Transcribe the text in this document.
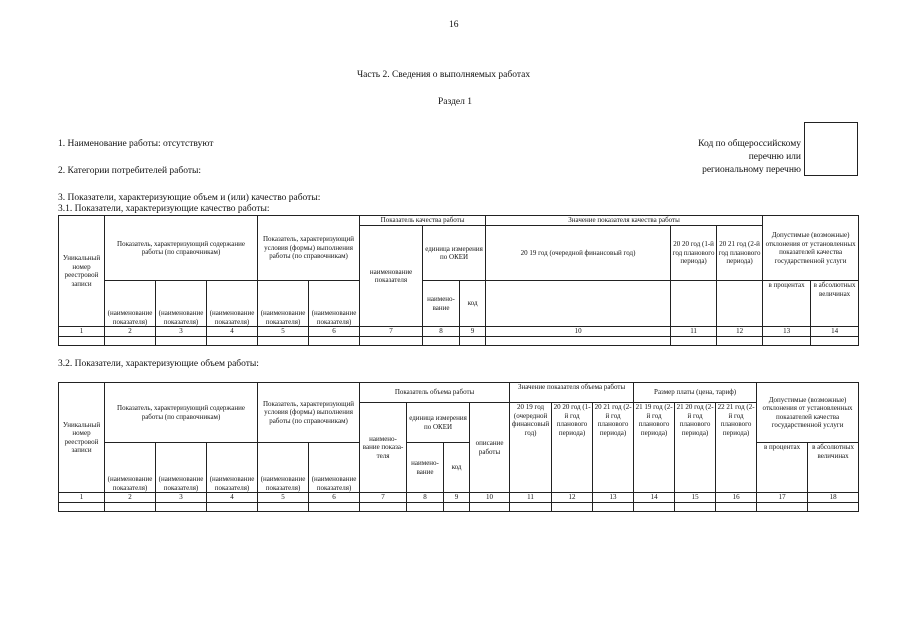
16
Часть 2. Сведения о выполняемых работах
Раздел 1
1. Наименование работы: отсутствуют
2. Категории потребителей работы:
3. Показатели, характеризующие объем и (или) качество работы:
3.1. Показатели, характеризующие качество работы:
3.2. Показатели, характеризующие объем работы:
Код по общероссийскому
перечню или
региональному перечню
Уникальный номер реестровой записи	Показатель, характеризующий содержание работы (по справочникам)			Показатель, характеризующий условия (формы) выполнения работы (по справочникам)		Показатель качества работы			Значение показателя качества работы			Допустимые (возможные) отклонения от установленных показателей качества государственной услуги	
						наименование показателя	единица измерения по ОКЕИ		20 19 год (очередной финансовый год)	20 20 год (1-й год планового периода)	20 21 год (2-й год планового периода)		
	(наименование показателя)	(наименование показателя)	(наименование показателя)	(наименование показателя)	(наименование показателя)		наимено-вание	код				в процентах	в абсолютных величинах
1	2	3	4	5	6	7	8	9	10	11	12	13	14

Уникальный номер реестровой записи	Показатель, характеризующий содержание работы (по справочникам)			Показатель, характеризующий условия (формы) выполнения работы (по справочникам)		Показатель объема работы				Значение показателя объема работы			Размер платы (цена, тариф)			Допустимые (возможные) отклонения от установленных показателей качества государственной услуги	
						наимено-вание показа-теля	единица измерения по ОКЕИ		описание работы	20 19 год (очередной финансовый год)	20 20 год (1-й год планового периода)	20 21 год (2-й год планового периода)	21 19 год (2-й год планового периода)	21 20 год (2-й год планового периода)	22 21 год (2-й год планового периода)		
	(наименование показателя)	(наименование показателя)	(наименование показателя)	(наименование показателя)	(наименование показателя)		наимено-вание	код								в процентах	в абсолютных величинах
1	2	3	4	5	6	7	8	9	10	11	12	13	14	15	16	17	18
